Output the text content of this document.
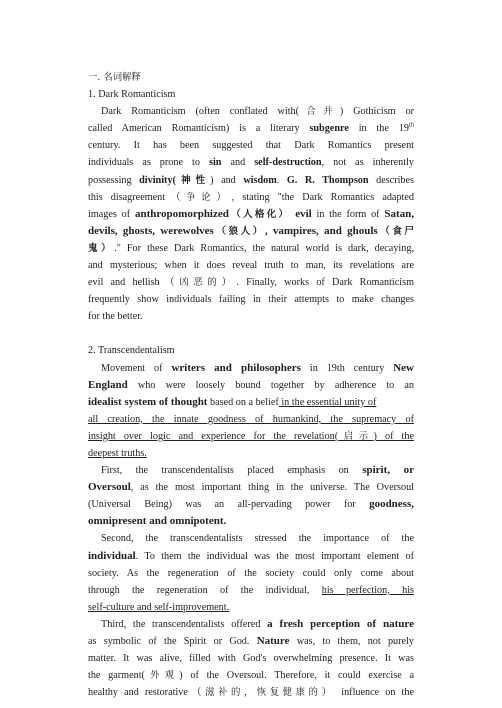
一. 名词解释
1. Dark Romanticism
Dark Romanticism (often conflated with(合并) Gothicism or
called American Romanticism) is a literary subgenre in the 19th
century. It has been suggested that Dark Romantics present
individuals as prone to sin and self-destruction, not as inherently
possessing divinity(神性) and wisdom. G. R. Thompson describes
this disagreement（争论）, stating "the Dark Romantics adapted
images of anthropomorphized（人格化） evil in the form of Satan,
devils, ghosts, werewolves（狼人）, vampires, and ghouls（食尸
鬼）." For these Dark Romantics, the natural world is dark, decaying,
and mysterious; when it does reveal truth to man, its revelations are
evil and hellish（凶恶的）. Finally, works of Dark Romanticism
frequently show individuals failing in their attempts to make changes
for the better.
2. Transcendentalism
Movement of writers and philosophers in 19th century New
England who were loosely bound together by adherence to an
idealist system of thought based on a belief in the essential unity of
all creation, the innate goodness of humankind, the supremacy of
insight over logic and experience for the revelation(启示) of the
deepest truths.
First, the transcendentalists placed emphasis on spirit, or
Oversoul, as the most important thing in the universe. The Oversoul
(Universal Being) was an all-pervading power for goodness,
omnipresent and omnipotent.
Second, the transcendentalists stressed the importance of the
individual. To them the individual was the most important element of
society. As the regeneration of the society could only come about
through the regeneration of the individual, his perfection, his
self-culture and self-improvement.
Third, the transcendentalists offered a fresh perception of nature
as symbolic of the Spirit or God. Nature was, to them, not purely
matter. It was alive, filled with God's overwhelming presence. It was
the garment(外观) of the Oversoul. Therefore, it could exercise a
healthy and restorative（滋补的，恢复健康的） influence on the
